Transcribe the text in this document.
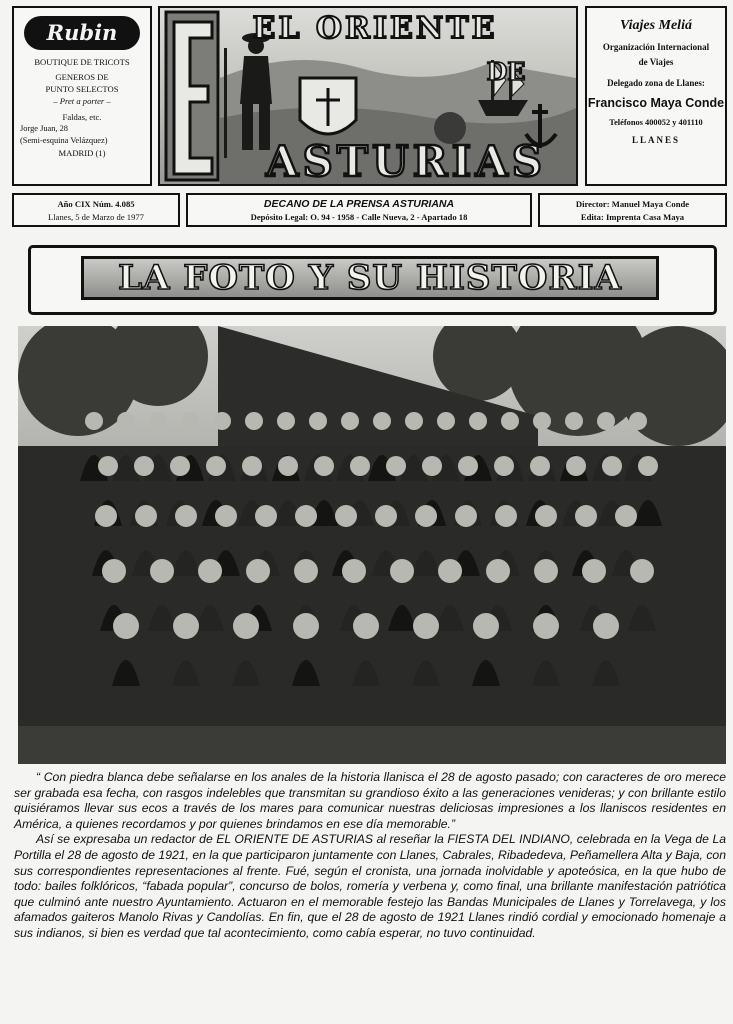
Rubin
BOUTIQUE DE TRICOTS
GENEROS DE
PUNTO SELECTOS
– Pret a porter –
Faldas, etc.
Jorge Juan, 28
(Semi-esquina Velázquez)
MADRID (1)
EL ORIENTE
DE
ASTURIAS
Viajes Meliá
Organización Internacional
de Viajes
Delegado zona de Llanes:
Francisco Maya Conde
Teléfonos 400052 y 401110
LLANES
Año CIX Núm. 4.085
Llanes, 5 de Marzo de 1977
DECANO DE LA PRENSA ASTURIANA
Depósito Legal: O. 94 - 1958 - Calle Nueva, 2 - Apartado 18
Director: Manuel Maya Conde
Edita: Imprenta Casa Maya
LA FOTO Y SU HISTORIA

“ Con piedra blanca debe señalarse en los anales de la historia llanisca el 28 de agosto pasado; con caracteres de oro merece ser grabada esa fecha, con rasgos indelebles que transmitan su grandioso éxito a las generaciones venideras; y con brillante estilo quisiéramos llevar sus ecos a través de los mares para comunicar nuestras deliciosas impresiones a los llaniscos residentes en América, a quienes recordamos y por quienes brindamos en ese día memorable.”

Así se expresaba un redactor de EL ORIENTE DE ASTURIAS al reseñar la FIESTA DEL INDIANO, celebrada en la Vega de La Portilla el 28 de agosto de 1921, en la que participaron juntamente con Llanes, Cabrales, Ribadedeva, Peñamellera Alta y Baja, con sus correspondientes representaciones al frente. Fué, según el cronista, una jornada inolvidable y apoteósica, en la que hubo de todo: bailes folklóricos, “fabada popular”, concurso de bolos, romería y verbena y, como final, una brillante manifestación patriótica que culminó ante nuestro Ayuntamiento. Actuaron en el memorable festejo las Bandas Municipales de Llanes y Torrelavega, y los afamados gaiteros Manolo Rivas y Candolías. En fin, que el 28 de agosto de 1921 Llanes rindió cordial y emocionado homenaje a sus indianos, si bien es verdad que tal acontecimiento, como cabía esperar, no tuvo continuidad.
